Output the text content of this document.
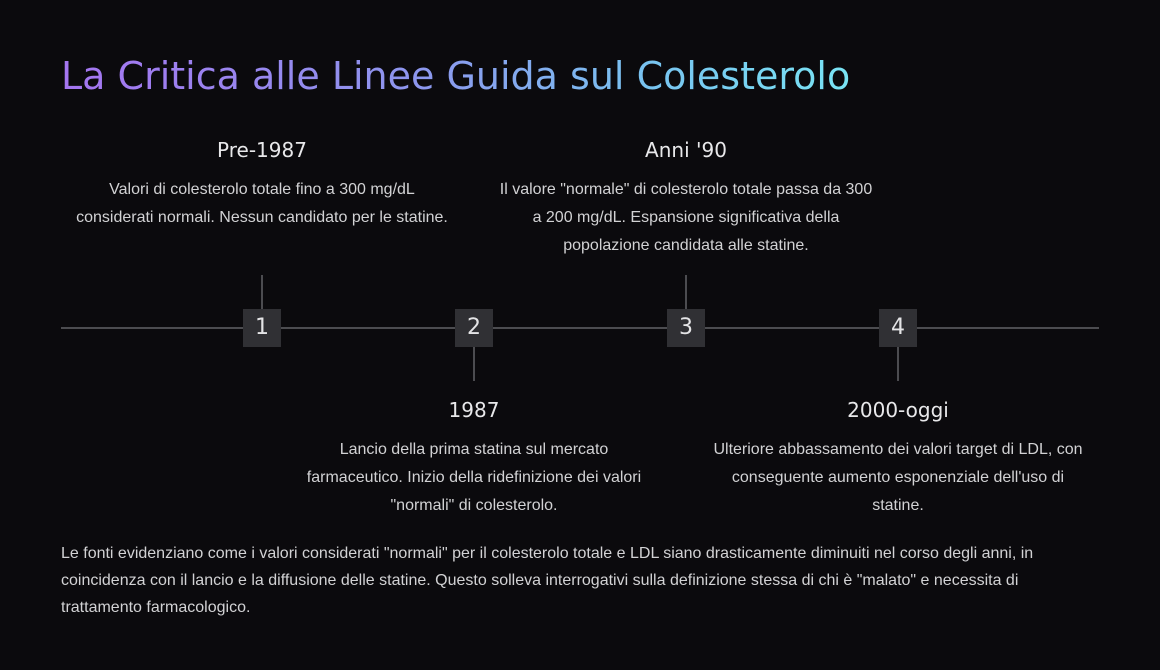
La Critica alle Linee Guida sul Colesterolo

Pre-1987

Valori di colesterolo totale fino a 300 mg/dL considerati normali. Nessun candidato per le statine.

1	2

1987

Lancio della prima statina sul mercato farmaceutico. Inizio della ridefinizione dei valori "normali" di colesterolo.

Anni '90

Il valore "normale" di colesterolo totale passa da 300 a 200 mg/dL. Espansione significativa della popolazione candidata alle statine.

3	4

2000-oggi

Ulteriore abbassamento dei valori target di LDL, con conseguente aumento esponenziale dell'uso di statine.

Le fonti evidenziano come i valori considerati "normali" per il colesterolo totale e LDL siano drasticamente diminuiti nel corso degli anni, in coincidenza con il lancio e la diffusione delle statine. Questo solleva interrogativi sulla definizione stessa di chi è "malato" e necessita di trattamento farmacologico.
